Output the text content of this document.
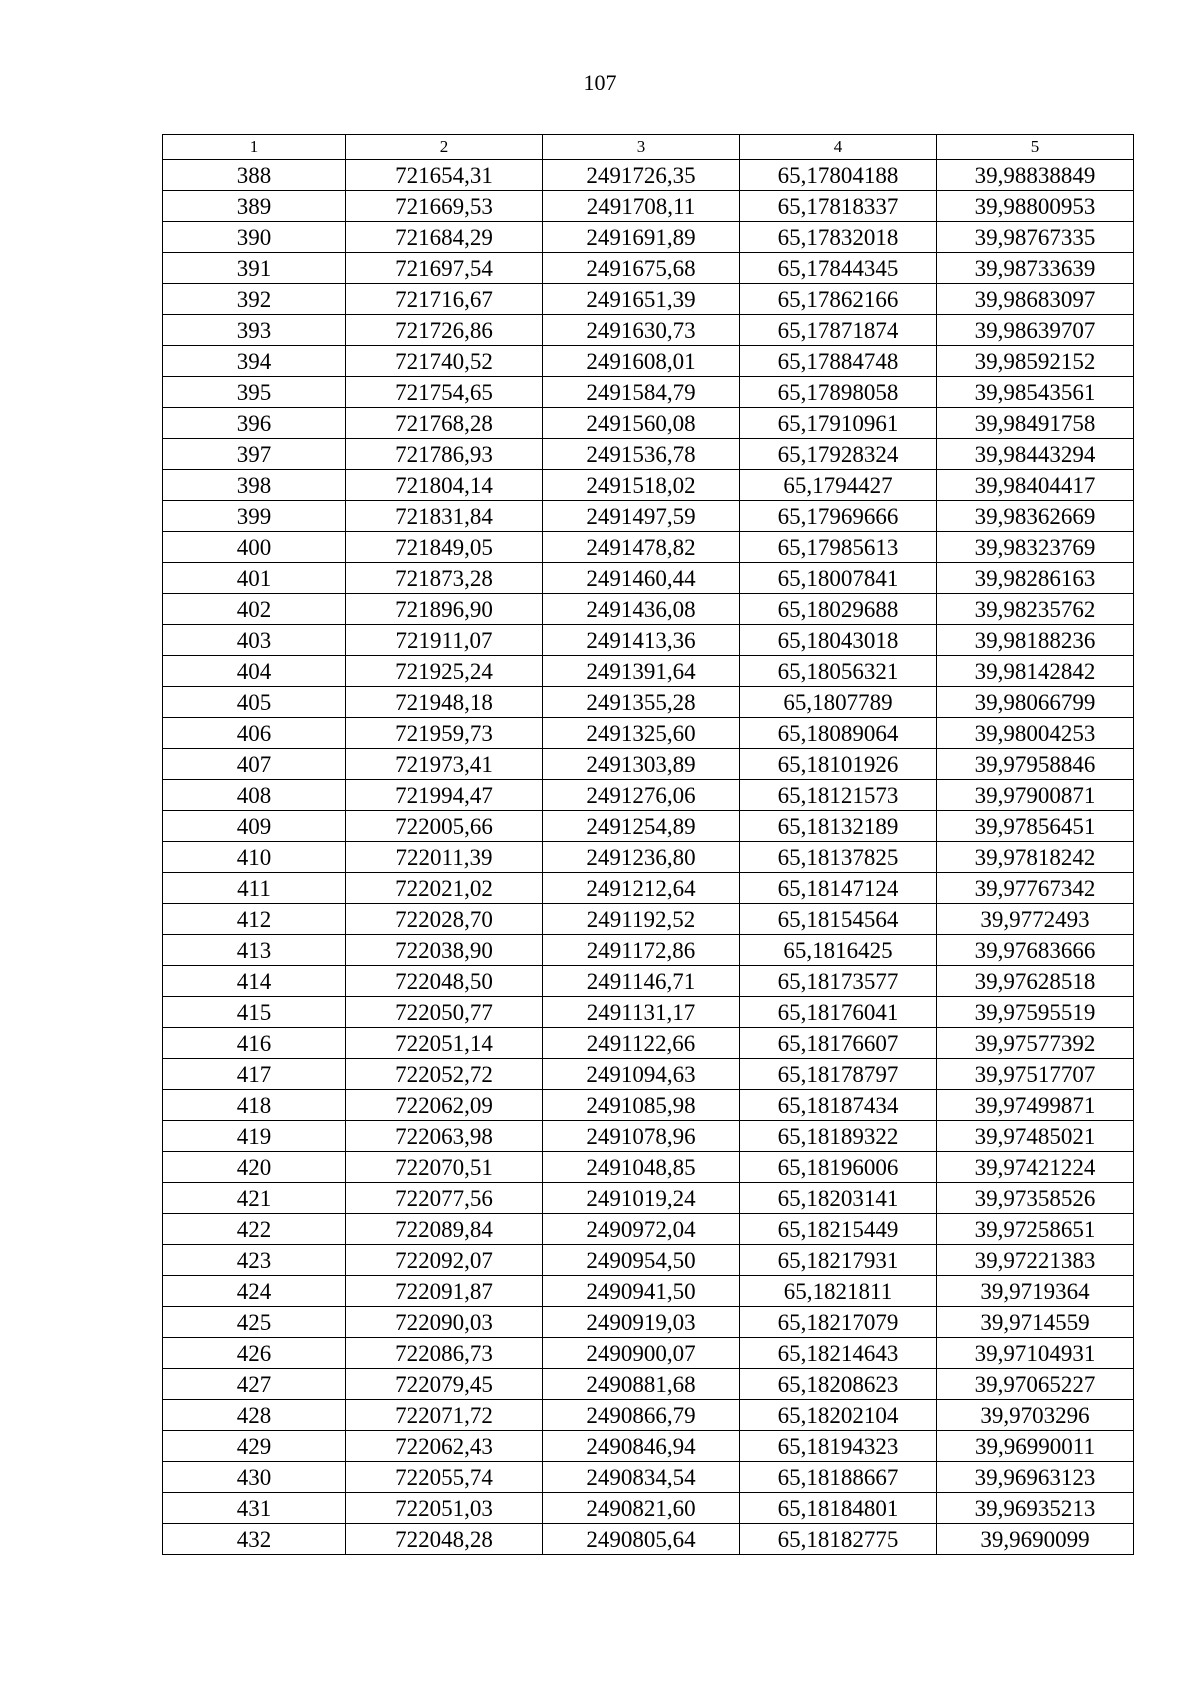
107
1	2	3	4	5
388	721654,31	2491726,35	65,17804188	39,98838849
389	721669,53	2491708,11	65,17818337	39,98800953
390	721684,29	2491691,89	65,17832018	39,98767335
391	721697,54	2491675,68	65,17844345	39,98733639
392	721716,67	2491651,39	65,17862166	39,98683097
393	721726,86	2491630,73	65,17871874	39,98639707
394	721740,52	2491608,01	65,17884748	39,98592152
395	721754,65	2491584,79	65,17898058	39,98543561
396	721768,28	2491560,08	65,17910961	39,98491758
397	721786,93	2491536,78	65,17928324	39,98443294
398	721804,14	2491518,02	65,1794427	39,98404417
399	721831,84	2491497,59	65,17969666	39,98362669
400	721849,05	2491478,82	65,17985613	39,98323769
401	721873,28	2491460,44	65,18007841	39,98286163
402	721896,90	2491436,08	65,18029688	39,98235762
403	721911,07	2491413,36	65,18043018	39,98188236
404	721925,24	2491391,64	65,18056321	39,98142842
405	721948,18	2491355,28	65,1807789	39,98066799
406	721959,73	2491325,60	65,18089064	39,98004253
407	721973,41	2491303,89	65,18101926	39,97958846
408	721994,47	2491276,06	65,18121573	39,97900871
409	722005,66	2491254,89	65,18132189	39,97856451
410	722011,39	2491236,80	65,18137825	39,97818242
411	722021,02	2491212,64	65,18147124	39,97767342
412	722028,70	2491192,52	65,18154564	39,9772493
413	722038,90	2491172,86	65,1816425	39,97683666
414	722048,50	2491146,71	65,18173577	39,97628518
415	722050,77	2491131,17	65,18176041	39,97595519
416	722051,14	2491122,66	65,18176607	39,97577392
417	722052,72	2491094,63	65,18178797	39,97517707
418	722062,09	2491085,98	65,18187434	39,97499871
419	722063,98	2491078,96	65,18189322	39,97485021
420	722070,51	2491048,85	65,18196006	39,97421224
421	722077,56	2491019,24	65,18203141	39,97358526
422	722089,84	2490972,04	65,18215449	39,97258651
423	722092,07	2490954,50	65,18217931	39,97221383
424	722091,87	2490941,50	65,1821811	39,9719364
425	722090,03	2490919,03	65,18217079	39,9714559
426	722086,73	2490900,07	65,18214643	39,97104931
427	722079,45	2490881,68	65,18208623	39,97065227
428	722071,72	2490866,79	65,18202104	39,9703296
429	722062,43	2490846,94	65,18194323	39,96990011
430	722055,74	2490834,54	65,18188667	39,96963123
431	722051,03	2490821,60	65,18184801	39,96935213
432	722048,28	2490805,64	65,18182775	39,9690099
